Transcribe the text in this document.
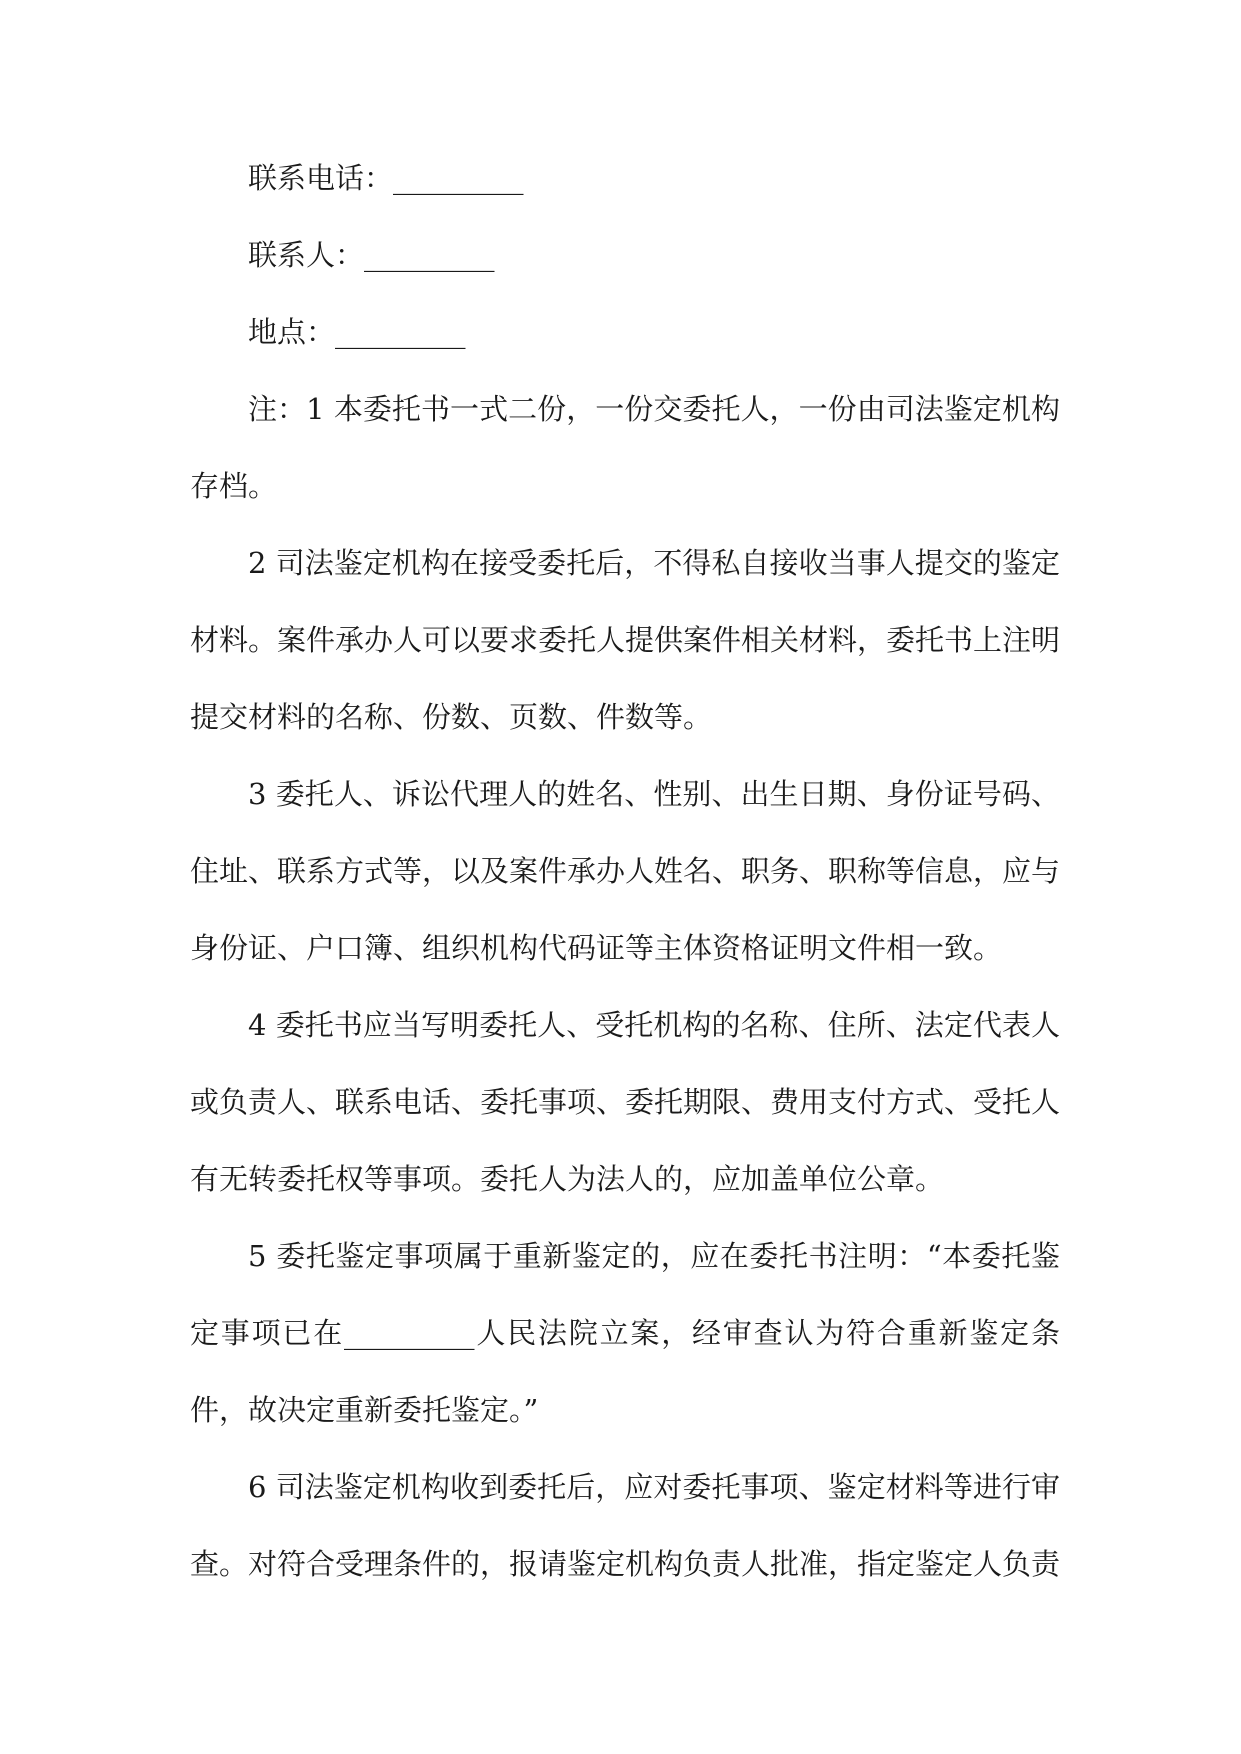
联系电话：_________

联系人：_________

地点：_________

注：1 本委托书一式二份，一份交委托人，一份由司法鉴定机构存档。

2 司法鉴定机构在接受委托后，不得私自接收当事人提交的鉴定材料。案件承办人可以要求委托人提供案件相关材料，委托书上注明提交材料的名称、份数、页数、件数等。

3 委托人、诉讼代理人的姓名、性别、出生日期、身份证号码、住址、联系方式等，以及案件承办人姓名、职务、职称等信息，应与身份证、户口簿、组织机构代码证等主体资格证明文件相一致。

4 委托书应当写明委托人、受托机构的名称、住所、法定代表人或负责人、联系电话、委托事项、委托期限、费用支付方式、受托人有无转委托权等事项。委托人为法人的，应加盖单位公章。

5 委托鉴定事项属于重新鉴定的，应在委托书注明：“本委托鉴定事项已在_________人民法院立案，经审查认为符合重新鉴定条件，故决定重新委托鉴定。”

6 司法鉴定机构收到委托后，应对委托事项、鉴定材料等进行审查。对符合受理条件的，报请鉴定机构负责人批准，指定鉴定人负责
